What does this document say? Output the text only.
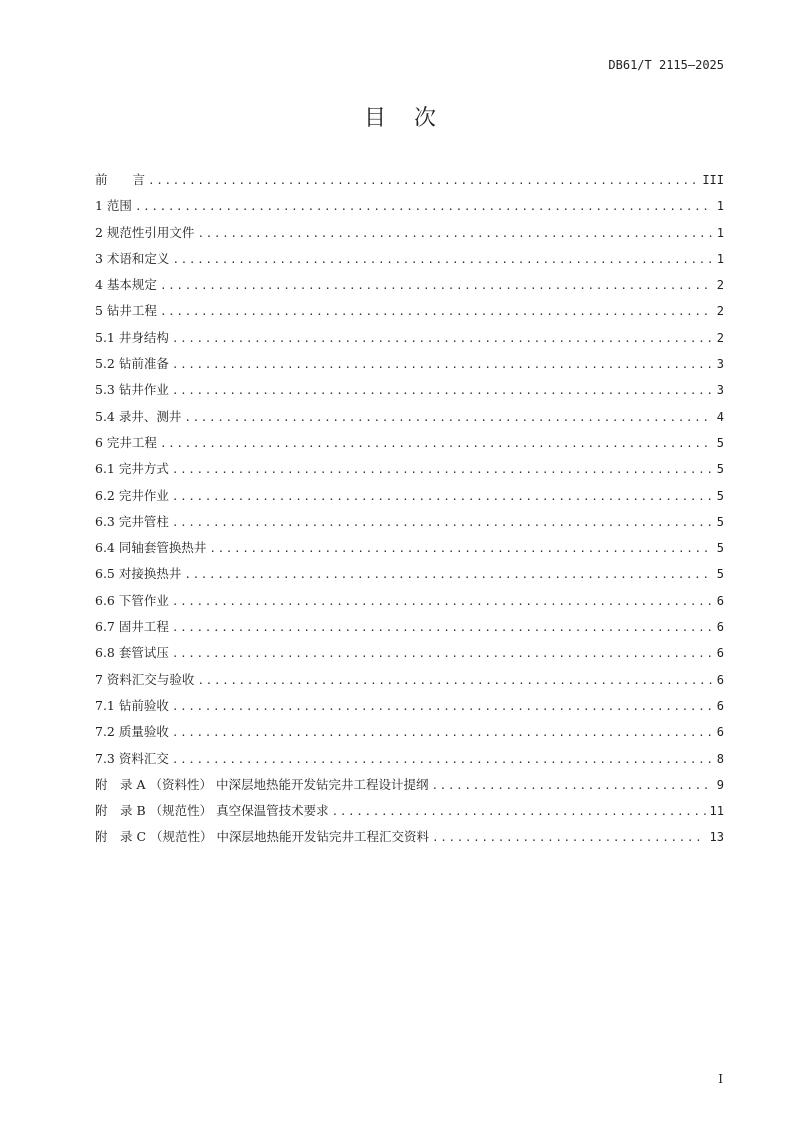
DB61/T 2115—2025
目次
前　　言 .....	III
1 范围 .....	1
2 规范性引用文件 .....	1
3 术语和定义 .....	1
4 基本规定 .....	2
5 钻井工程 .....	2
5.1 井身结构 .....	2
5.2 钻前准备 .....	3
5.3 钻井作业 .....	3
5.4 录井、测井 .....	4
6 完井工程 .....	5
6.1 完井方式 .....	5
6.2 完井作业 .....	5
6.3 完井管柱 .....	5
6.4 同轴套管换热井 .....	5
6.5 对接换热井 .....	5
6.6 下管作业 .....	6
6.7 固井工程 .....	6
6.8 套管试压 .....	6
7 资料汇交与验收 .....	6
7.1 钻前验收 .....	6
7.2 质量验收 .....	6
7.3 资料汇交 .....	8
附　录 A （资料性） 中深层地热能开发钻完井工程设计提纲 .....	9
附　录 B （规范性） 真空保温管技术要求 .....	11
附　录 C （规范性） 中深层地热能开发钻完井工程汇交资料 .....	13
I
